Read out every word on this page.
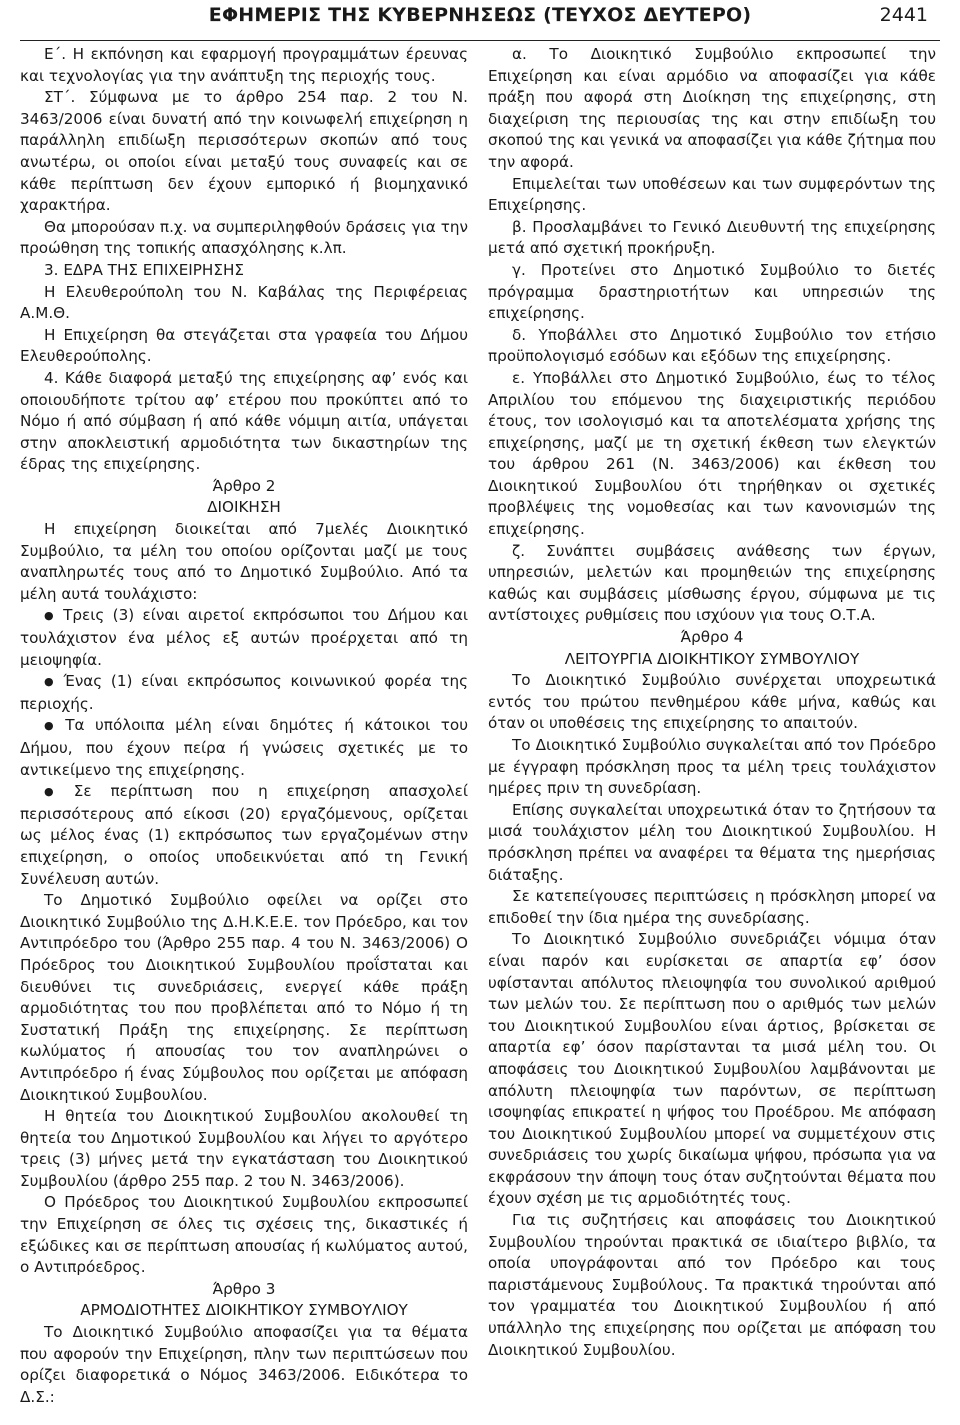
ΕΦΗΜΕΡΙΣ ΤΗΣ ΚΥΒΕΡΝΗΣΕΩΣ (ΤΕΥΧΟΣ ΔΕΥΤΕΡΟ)	2441

Ε΄. Η εκπόνηση και εφαρμογή προγραμμάτων έρευνας και τεχνολογίας για την ανάπτυξη της περιοχής τους.

ΣΤ΄. Σύμφωνα με το άρθρο 254 παρ. 2 του Ν. 3463/2006 είναι δυνατή από την κοινωφελή επιχείρηση η παράλληλη επιδίωξη περισσότερων σκοπών από τους ανωτέρω, οι οποίοι είναι μεταξύ τους συναφείς και σε κάθε περίπτωση δεν έχουν εμπορικό ή βιομηχανικό χαρακτήρα.

Θα μπορούσαν π.χ. να συμπεριληφθούν δράσεις για την προώθηση της τοπικής απασχόλησης κ.λπ.

3. ΕΔΡΑ ΤΗΣ ΕΠΙΧΕΙΡΗΣΗΣ

Η Ελευθερούπολη του Ν. Καβάλας της Περιφέρειας Α.Μ.Θ.

Η Επιχείρηση θα στεγάζεται στα γραφεία του Δήμου Ελευθερούπολης.

4. Κάθε διαφορά μεταξύ της επιχείρησης αφ’ ενός και οποιουδήποτε τρίτου αφ’ ετέρου που προκύπτει από το Νόμο ή από σύμβαση ή από κάθε νόμιμη αιτία, υπάγεται στην αποκλειστική αρμοδιότητα των δικαστηρίων της έδρας της επιχείρησης.

Άρθρο 2

ΔΙΟΙΚΗΣΗ

Η επιχείρηση διοικείται από 7μελές Διοικητικό Συμβούλιο, τα μέλη του οποίου ορίζονται μαζί με τους αναπληρωτές τους από το Δημοτικό Συμβούλιο. Από τα μέλη αυτά τουλάχιστο:

● Τρεις (3) είναι αιρετοί εκπρόσωποι του Δήμου και τουλάχιστον ένα μέλος εξ αυτών προέρχεται από τη μειοψηφία.

● Ένας (1) είναι εκπρόσωπος κοινωνικού φορέα της περιοχής.

● Τα υπόλοιπα μέλη είναι δημότες ή κάτοικοι του Δήμου, που έχουν πείρα ή γνώσεις σχετικές με το αντικείμενο της επιχείρησης.

● Σε περίπτωση που η επιχείρηση απασχολεί περισσότερους από είκοσι (20) εργαζόμενους, ορίζεται ως μέλος ένας (1) εκπρόσωπος των εργαζομένων στην επιχείρηση, ο οποίος υποδεικνύεται από τη Γενική Συνέλευση αυτών.

Το Δημοτικό Συμβούλιο οφείλει να ορίζει στο Διοικητικό Συμβούλιο της Δ.Η.Κ.Ε.Ε. τον Πρόεδρο, και τον Αντιπρόεδρο του (Άρθρο 255 παρ. 4 του Ν. 3463/2006) Ο Πρόεδρος του Διοικητικού Συμβουλίου προΐσταται και διευθύνει τις συνεδριάσεις, ενεργεί κάθε πράξη αρμοδιότητας του που προβλέπεται από το Νόμο ή τη Συστατική Πράξη της επιχείρησης. Σε περίπτωση κωλύματος ή απουσίας του τον αναπληρώνει ο Αντιπρόεδρο ή ένας Σύμβουλος που ορίζεται με απόφαση Διοικητικού Συμβουλίου.

Η θητεία του Διοικητικού Συμβουλίου ακολουθεί τη θητεία του Δημοτικού Συμβουλίου και λήγει το αργότερο τρεις (3) μήνες μετά την εγκατάσταση του Διοικητικού Συμβουλίου (άρθρο 255 παρ. 2 του Ν. 3463/2006).

Ο Πρόεδρος του Διοικητικού Συμβουλίου εκπροσωπεί την Επιχείρηση σε όλες τις σχέσεις της, δικαστικές ή εξώδικες και σε περίπτωση απουσίας ή κωλύματος αυτού, ο Αντιπρόεδρος.

Άρθρο 3

ΑΡΜΟΔΙΟΤΗΤΕΣ ΔΙΟΙΚΗΤΙΚΟΥ ΣΥΜΒΟΥΛΙΟΥ

Το Διοικητικό Συμβούλιο αποφασίζει για τα θέματα που αφορούν την Επιχείρηση, πλην των περιπτώσεων που ορίζει διαφορετικά ο Νόμος 3463/2006. Ειδικότερα το Δ.Σ.:

α. Το Διοικητικό Συμβούλιο εκπροσωπεί την Επιχείρηση και είναι αρμόδιο να αποφασίζει για κάθε πράξη που αφορά στη Διοίκηση της επιχείρησης, στη διαχείριση της περιουσίας της και στην επιδίωξη του σκοπού της και γενικά να αποφασίζει για κάθε ζήτημα που την αφορά.

Επιμελείται των υποθέσεων και των συμφερόντων της Επιχείρησης.

β. Προσλαμβάνει το Γενικό Διευθυντή της επιχείρησης μετά από σχετική προκήρυξη.

γ. Προτείνει στο Δημοτικό Συμβούλιο το διετές πρόγραμμα δραστηριοτήτων και υπηρεσιών της επιχείρησης.

δ. Υποβάλλει στο Δημοτικό Συμβούλιο τον ετήσιο προϋπολογισμό εσόδων και εξόδων της επιχείρησης.

ε. Υποβάλλει στο Δημοτικό Συμβούλιο, έως το τέλος Απριλίου του επόμενου της διαχειριστικής περιόδου έτους, τον ισολογισμό και τα αποτελέσματα χρήσης της επιχείρησης, μαζί με τη σχετική έκθεση των ελεγκτών του άρθρου 261 (Ν. 3463/2006) και έκθεση του Διοικητικού Συμβουλίου ότι τηρήθηκαν οι σχετικές προβλέψεις της νομοθεσίας και των κανονισμών της επιχείρησης.

ζ. Συνάπτει συμβάσεις ανάθεσης των έργων, υπηρεσιών, μελετών και προμηθειών της επιχείρησης καθώς και συμβάσεις μίσθωσης έργου, σύμφωνα με τις αντίστοιχες ρυθμίσεις που ισχύουν για τους Ο.Τ.Α.

Άρθρο 4

ΛΕΙΤΟΥΡΓΙΑ ΔΙΟΙΚΗΤΙΚΟΥ ΣΥΜΒΟΥΛΙΟΥ

Το Διοικητικό Συμβούλιο συνέρχεται υποχρεωτικά εντός του πρώτου πενθημέρου κάθε μήνα, καθώς και όταν οι υποθέσεις της επιχείρησης το απαιτούν.

Το Διοικητικό Συμβούλιο συγκαλείται από τον Πρόεδρο με έγγραφη πρόσκληση προς τα μέλη τρεις τουλάχιστον ημέρες πριν τη συνεδρίαση.

Επίσης συγκαλείται υποχρεωτικά όταν το ζητήσουν τα μισά τουλάχιστον μέλη του Διοικητικού Συμβουλίου. Η πρόσκληση πρέπει να αναφέρει τα θέματα της ημερήσιας διάταξης.

Σε κατεπείγουσες περιπτώσεις η πρόσκληση μπορεί να επιδοθεί την ίδια ημέρα της συνεδρίασης.

Το Διοικητικό Συμβούλιο συνεδριάζει νόμιμα όταν είναι παρόν και ευρίσκεται σε απαρτία εφ’ όσον υφίστανται απόλυτος πλειοψηφία του συνολικού αριθμού των μελών του. Σε περίπτωση που ο αριθμός των μελών του Διοικητικού Συμβουλίου είναι άρτιος, βρίσκεται σε απαρτία εφ’ όσον παρίστανται τα μισά μέλη του. Οι αποφάσεις του Διοικητικού Συμβουλίου λαμβάνονται με απόλυτη πλειοψηφία των παρόντων, σε περίπτωση ισοψηφίας επικρατεί η ψήφος του Προέδρου. Με απόφαση του Διοικητικού Συμβουλίου μπορεί να συμμετέχουν στις συνεδριάσεις του χωρίς δικαίωμα ψήφου, πρόσωπα για να εκφράσουν την άποψη τους όταν συζητούνται θέματα που έχουν σχέση με τις αρμοδιότητές τους.

Για τις συζητήσεις και αποφάσεις του Διοικητικού Συμβουλίου τηρούνται πρακτικά σε ιδιαίτερο βιβλίο, τα οποία υπογράφονται από τον Πρόεδρο και τους παριστάμενους Συμβούλους. Τα πρακτικά τηρούνται από τον γραμματέα του Διοικητικού Συμβουλίου ή από υπάλληλο της επιχείρησης που ορίζεται με απόφαση του Διοικητικού Συμβουλίου.
